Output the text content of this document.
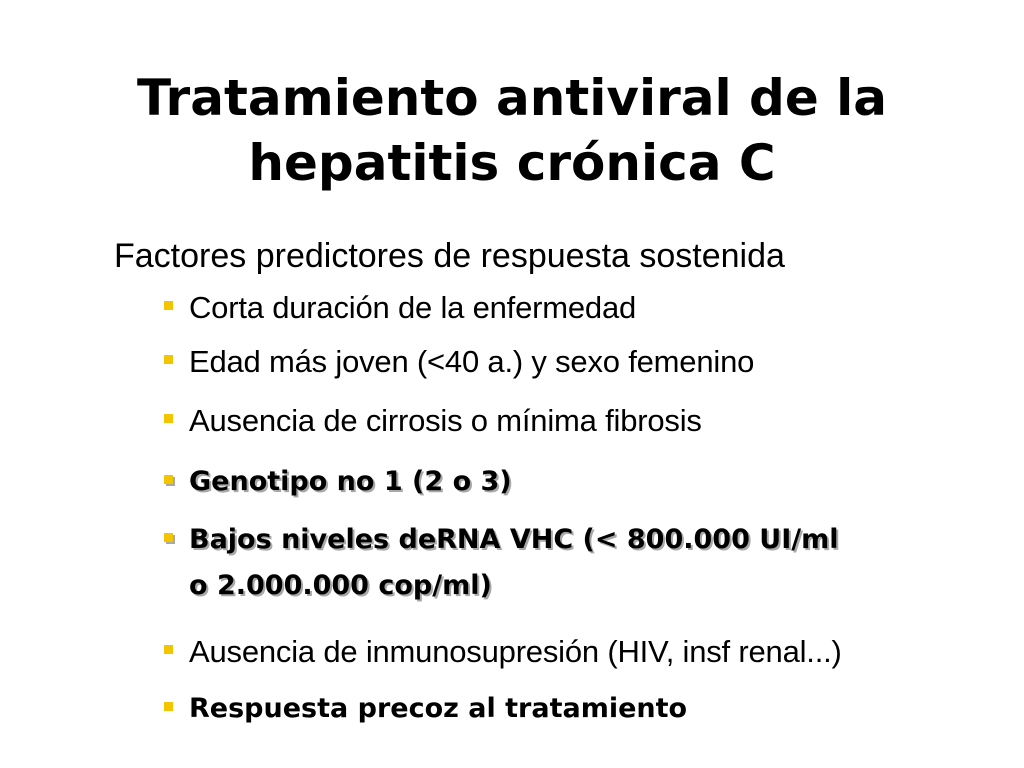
Tratamiento antiviral de la
hepatitis crónica C
Factores predictores de respuesta sostenida
Corta duración de la enfermedad
Edad más joven (<40 a.) y sexo femenino
Ausencia de cirrosis o mínima fibrosis
Genotipo no 1 (2 o 3)
Bajos niveles deRNA VHC (< 800.000 UI/ml
o 2.000.000 cop/ml)
Ausencia de inmunosupresión (HIV, insf renal...)
Respuesta precoz al tratamiento
